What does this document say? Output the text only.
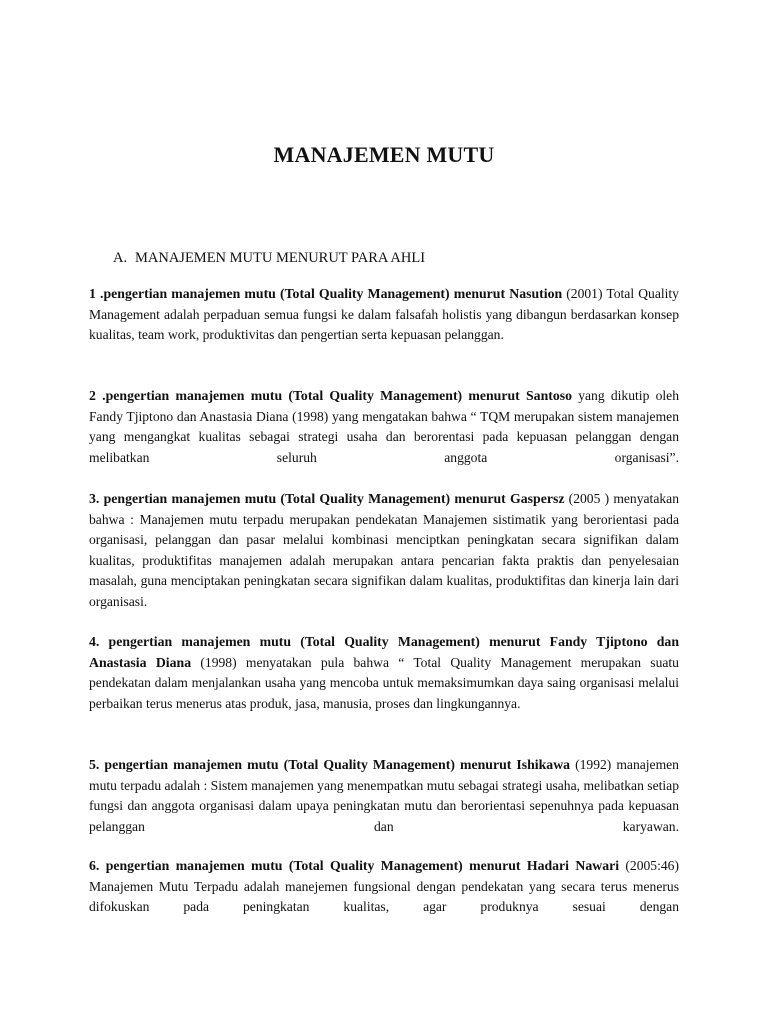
MANAJEMEN MUTU
A. MANAJEMEN MUTU MENURUT PARA AHLI
1 .pengertian manajemen mutu (Total Quality Management) menurut Nasution (2001) Total Quality Management adalah perpaduan semua fungsi ke dalam falsafah holistis yang dibangun berdasarkan konsep kualitas, team work, produktivitas dan pengertian serta kepuasan pelanggan.
2 .pengertian manajemen mutu (Total Quality Management) menurut Santoso yang dikutip oleh Fandy Tjiptono dan Anastasia Diana (1998) yang mengatakan bahwa “ TQM merupakan sistem manajemen yang mengangkat kualitas sebagai strategi usaha dan berorentasi pada kepuasan pelanggan dengan melibatkan seluruh anggota organisasi”.
3. pengertian manajemen mutu (Total Quality Management) menurut Gaspersz (2005 ) menyatakan bahwa : Manajemen mutu terpadu merupakan pendekatan Manajemen sistimatik yang berorientasi pada organisasi, pelanggan dan pasar melalui kombinasi menciptkan peningkatan secara signifikan dalam kualitas, produktifitas manajemen adalah merupakan antara pencarian fakta praktis dan penyelesaian masalah, guna menciptakan peningkatan secara signifikan dalam kualitas, produktifitas dan kinerja lain dari organisasi.
4. pengertian manajemen mutu (Total Quality Management) menurut Fandy Tjiptono dan Anastasia Diana (1998) menyatakan pula bahwa “ Total Quality Management merupakan suatu pendekatan dalam menjalankan usaha yang mencoba untuk memaksimumkan daya saing organisasi melalui perbaikan terus menerus atas produk, jasa, manusia, proses dan lingkungannya.
5. pengertian manajemen mutu (Total Quality Management) menurut Ishikawa (1992) manajemen mutu terpadu adalah : Sistem manajemen yang menempatkan mutu sebagai strategi usaha, melibatkan setiap fungsi dan anggota organisasi dalam upaya peningkatan mutu dan berorientasi sepenuhnya pada kepuasan pelanggan dan karyawan.
6. pengertian manajemen mutu (Total Quality Management) menurut Hadari Nawari (2005:46) Manajemen Mutu Terpadu adalah manejemen fungsional dengan pendekatan yang secara terus menerus difokuskan pada peningkatan kualitas, agar produknya sesuai dengan
